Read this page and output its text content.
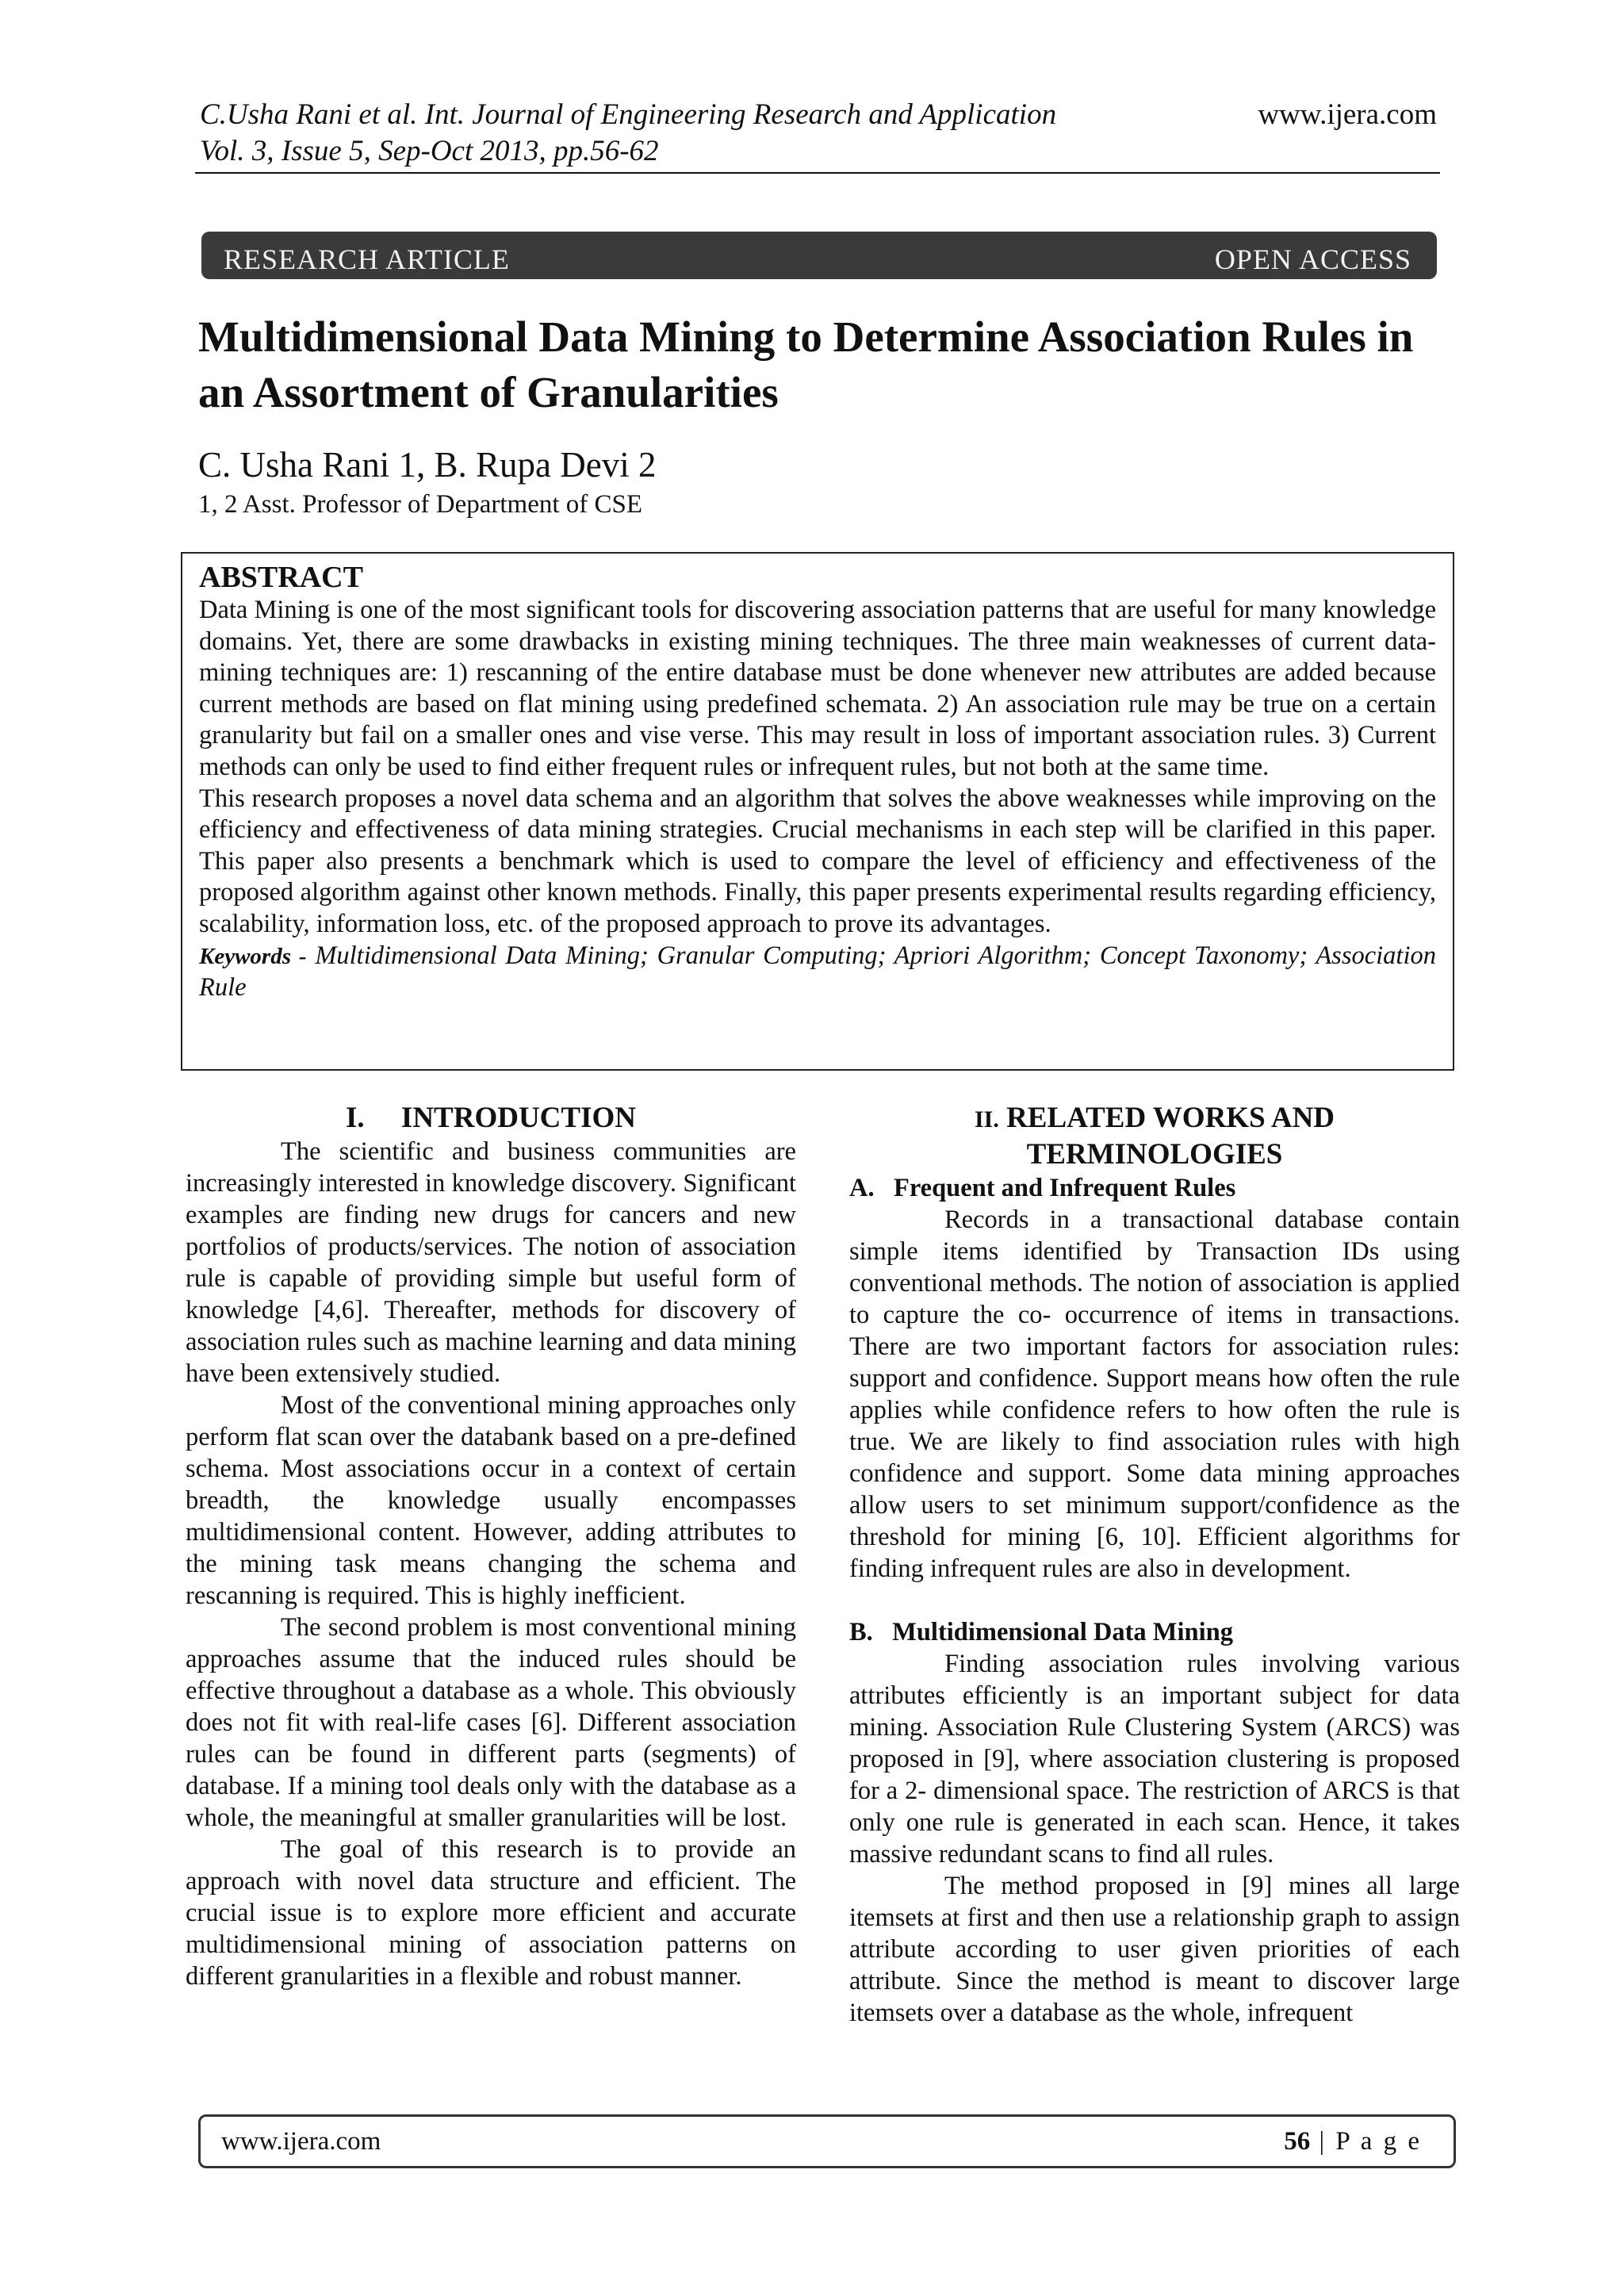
C.Usha Rani et al. Int. Journal of Engineering Research and Application
Vol. 3, Issue 5, Sep-Oct 2013, pp.56-62
www.ijera.com
RESEARCH ARTICLE	OPEN ACCESS
Multidimensional Data Mining to Determine Association Rules in an Assortment of Granularities
C. Usha Rani 1, B. Rupa Devi 2
1, 2 Asst. Professor of Department of CSE

ABSTRACT

Data Mining is one of the most significant tools for discovering association patterns that are useful for many knowledge domains. Yet, there are some drawbacks in existing mining techniques. The three main weaknesses of current data- mining techniques are: 1) rescanning of the entire database must be done whenever new attributes are added because current methods are based on flat mining using predefined schemata. 2) An association rule may be true on a certain granularity but fail on a smaller ones and vise verse. This may result in loss of important association rules. 3) Current methods can only be used to find either frequent rules or infrequent rules, but not both at the same time.

This research proposes a novel data schema and an algorithm that solves the above weaknesses while improving on the efficiency and effectiveness of data mining strategies. Crucial mechanisms in each step will be clarified in this paper. This paper also presents a benchmark which is used to compare the level of efficiency and effectiveness of the proposed algorithm against other known methods. Finally, this paper presents experimental results regarding efficiency, scalability, information loss, etc. of the proposed approach to prove its advantages.

Keywords - Multidimensional Data Mining; Granular Computing; Apriori Algorithm; Concept Taxonomy; Association Rule

I.     INTRODUCTION

The scientific and business communities are increasingly interested in knowledge discovery. Significant examples are finding new drugs for cancers and new portfolios of products/services. The notion of association rule is capable of providing simple but useful form of knowledge [4,6]. Thereafter, methods for discovery of association rules such as machine learning and data mining have been extensively studied.

Most of the conventional mining approaches only perform flat scan over the databank based on a pre-defined schema. Most associations occur in a context of certain breadth, the knowledge usually encompasses multidimensional content. However, adding attributes to the mining task means changing the schema and rescanning is required. This is highly inefficient.

The second problem is most conventional mining approaches assume that the induced rules should be effective throughout a database as a whole. This obviously does not fit with real-life cases [6]. Different association rules can be found in different parts (segments) of database. If a mining tool deals only with the database as a whole, the meaningful at smaller granularities will be lost.

The goal of this research is to provide an approach with novel data structure and efficient. The crucial issue is to explore more efficient and accurate multidimensional mining of association patterns on different granularities in a flexible and robust manner.

II. RELATED WORKS AND TERMINOLOGIES

A.   Frequent and Infrequent Rules

Records in a transactional database contain simple items identified by Transaction IDs using conventional methods. The notion of association is applied to capture the co- occurrence of items in transactions. There are two important factors for association rules: support and confidence. Support means how often the rule applies while confidence refers to how often the rule is true. We are likely to find association rules with high confidence and support. Some data mining approaches allow users to set minimum support/confidence as the threshold for mining [6, 10]. Efficient algorithms for finding infrequent rules are also in development.

B.   Multidimensional Data Mining

Finding association rules involving various attributes efficiently is an important subject for data mining. Association Rule Clustering System (ARCS) was proposed in [9], where association clustering is proposed for a 2- dimensional space. The restriction of ARCS is that only one rule is generated in each scan. Hence, it takes massive redundant scans to find all rules.

The method proposed in [9] mines all large itemsets at first and then use a relationship graph to assign attribute according to user given priorities of each attribute. Since the method is meant to discover large itemsets over a database as the whole, infrequent

www.ijera.com	56 | P a g e
